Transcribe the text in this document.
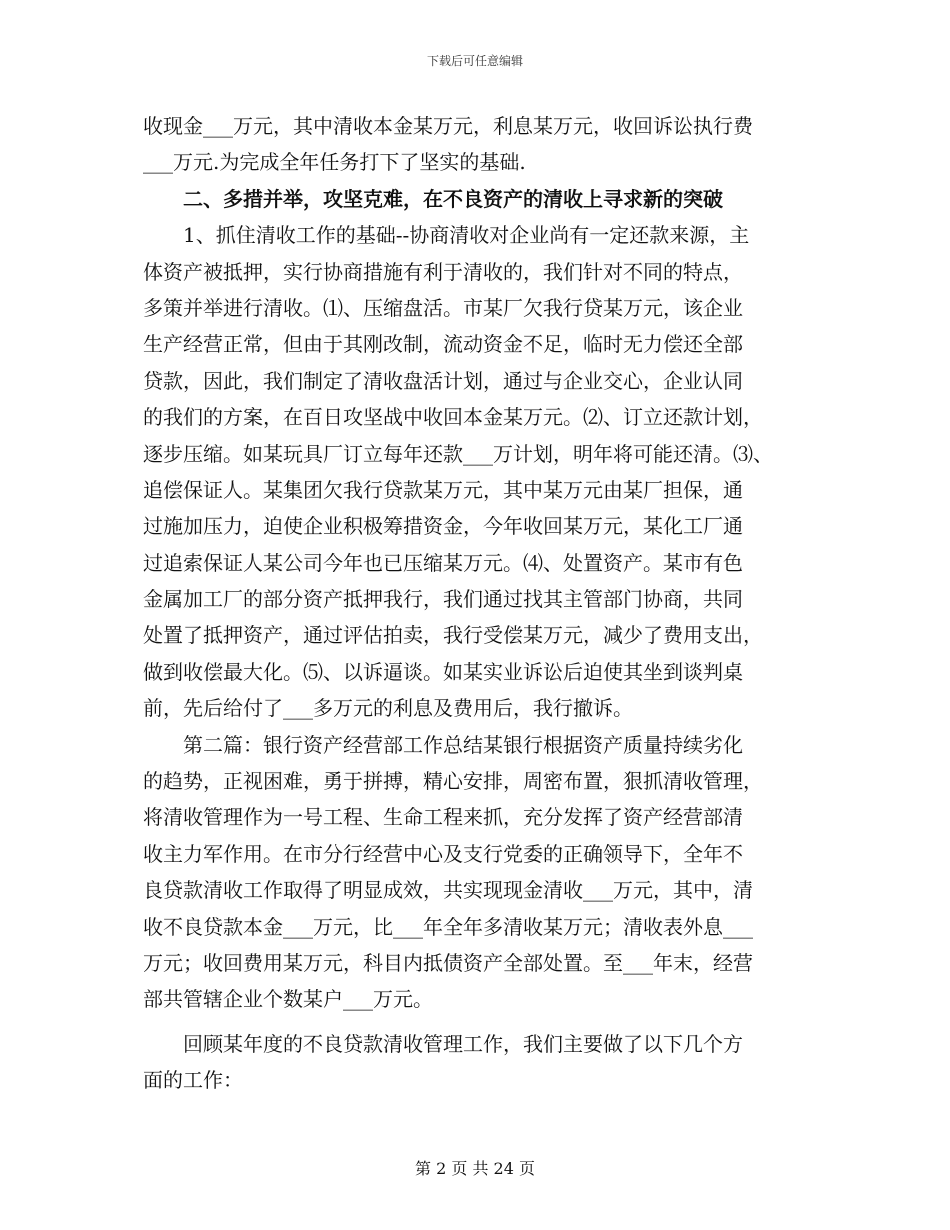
下载后可任意编辑
收现金___万元，其中清收本金某万元，利息某万元，收回诉讼执行费
___万元.为完成全年任务打下了坚实的基础.
二、多措并举，攻坚克难，在不良资产的清收上寻求新的突破
1、抓住清收工作的基础--协商清收对企业尚有一定还款来源，主
体资产被抵押，实行协商措施有利于清收的，我们针对不同的特点，
多策并举进行清收。⑴、压缩盘活。市某厂欠我行贷某万元，该企业
生产经营正常，但由于其刚改制，流动资金不足，临时无力偿还全部
贷款，因此，我们制定了清收盘活计划，通过与企业交心，企业认同
的我们的方案，在百日攻坚战中收回本金某万元。⑵、订立还款计划，
逐步压缩。如某玩具厂订立每年还款___万计划，明年将可能还清。⑶、
追偿保证人。某集团欠我行贷款某万元，其中某万元由某厂担保，通
过施加压力，迫使企业积极筹措资金，今年收回某万元，某化工厂通
过追索保证人某公司今年也已压缩某万元。⑷、处置资产。某市有色
金属加工厂的部分资产抵押我行，我们通过找其主管部门协商，共同
处置了抵押资产，通过评估拍卖，我行受偿某万元，减少了费用支出，
做到收偿最大化。⑸、以诉逼谈。如某实业诉讼后迫使其坐到谈判桌
前，先后给付了___多万元的利息及费用后，我行撤诉。
第二篇：银行资产经营部工作总结某银行根据资产质量持续劣化
的趋势，正视困难，勇于拼搏，精心安排，周密布置，狠抓清收管理，
将清收管理作为一号工程、生命工程来抓，充分发挥了资产经营部清
收主力军作用。在市分行经营中心及支行党委的正确领导下，全年不
良贷款清收工作取得了明显成效，共实现现金清收___万元，其中，清
收不良贷款本金___万元，比___年全年多清收某万元；清收表外息___
万元；收回费用某万元，科目内抵债资产全部处置。至___年末，经营
部共管辖企业个数某户___万元。
回顾某年度的不良贷款清收管理工作，我们主要做了以下几个方
面的工作：
第 2 页 共 24 页
